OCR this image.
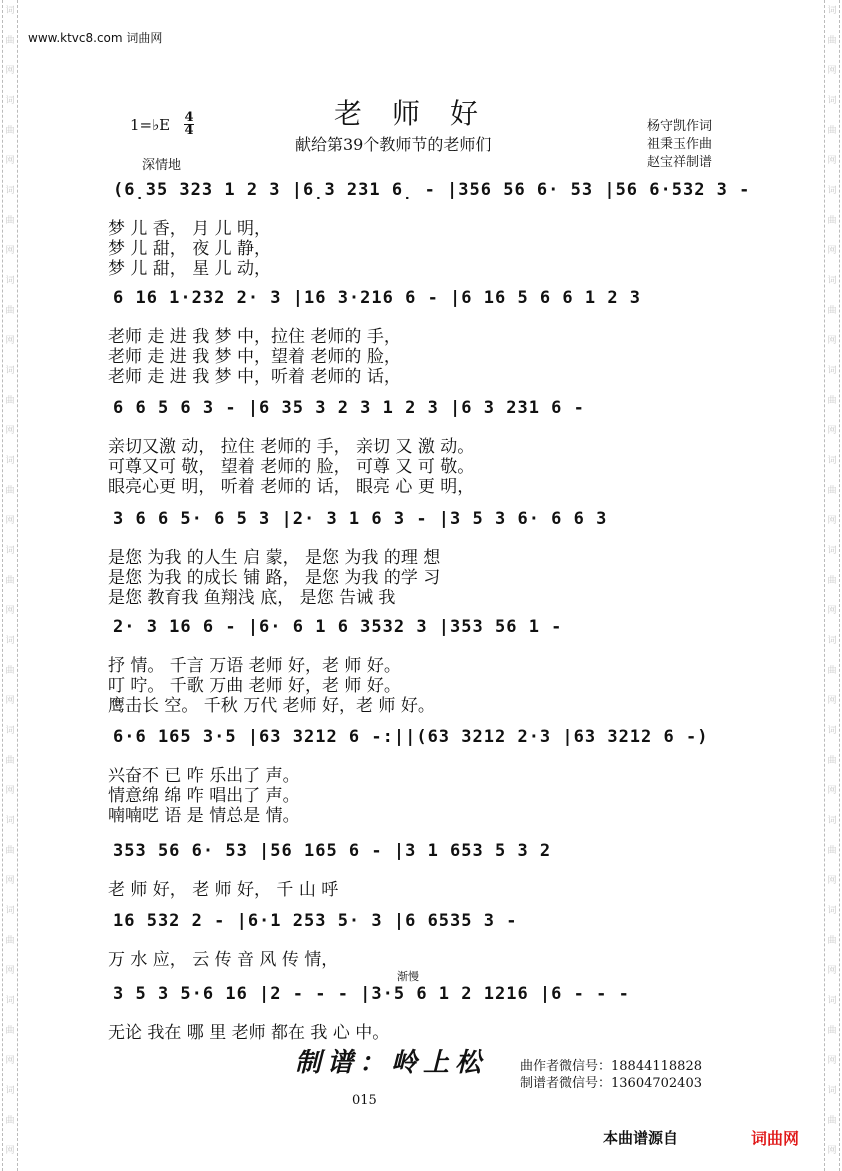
词
曲
网
词
曲
网
词
曲
网
词
曲
网
词
曲
网
词
曲
网
词
曲
网
词
曲
网
词
曲
网
词
曲
网
词
曲
网
词
曲
网
词
曲
网
词
曲
网
词
曲
网
词
曲
网
词
曲
网
词
曲
网
词
曲
网
词
曲
网
词
曲
网
词
曲
网
词
曲
网
词
曲
网
词
曲
网
词
曲
网
www.ktvc8.com 词曲网
老师好
献给第39个教师节的老师们
1=♭E 4
4
深情地
杨守凯作词
祖秉玉作曲
赵宝祥制谱
(6̣35 323 1 2 3 |6̣3 231 6̣ - |356 56 6· 53 |56 6·532 3 -
梦 儿 香， 月 儿 明，
梦 儿 甜， 夜 儿 静，
梦 儿 甜， 星 儿 动，
6 16 1·232 2· 3 |16 3·216 6 - |6 16 5 6 6 1 2 3
老师 走 进 我 梦 中，拉住 老师的 手，
老师 走 进 我 梦 中，望着 老师的 脸，
老师 走 进 我 梦 中，听着 老师的 话，
6 6 5 6 3 - |6 35 3 2 3 1 2 3 |6 3 231 6 -
亲切又激 动， 拉住 老师的 手， 亲切 又 激 动。
可尊又可 敬， 望着 老师的 脸， 可尊 又 可 敬。
眼亮心更 明， 听着 老师的 话， 眼亮 心 更 明，
3 6 6 5· 6 5 3 |2· 3 1 6 3 - |3 5 3 6· 6 6 3
是您 为我 的人生 启 蒙， 是您 为我 的理 想
是您 为我 的成长 铺 路， 是您 为我 的学 习
是您 教育我 鱼翔浅 底， 是您 告诫 我
2· 3 16 6 - |6· 6 1 6 3532 3 |353 56 1 -
抒 情。 千言 万语 老师 好，老 师 好。
叮 咛。 千歌 万曲 老师 好，老 师 好。
鹰击长 空。 千秋 万代 老师 好，老 师 好。
6·6 165 3·5 |63 3212 6 -:||(63 3212 2·3 |63 3212 6 -)
兴奋不 已 咋 乐出了 声。
情意绵 绵 咋 唱出了 声。
喃喃呓 语 是 情总是 情。
353 56 6· 53 |56 165 6 - |3 1 653 5 3 2
老 师 好， 老 师 好， 千 山 呼
16 532 2 - |6·1 253 5· 3 |6 6535 3 -
万 水 应， 云 传 音 风 传 情，
3 5 3 5·6 16 |2 - - - |3·5 6 1 2 1216 |6 - - -
无论 我在 哪 里 老师 都在 我 心 中。
渐慢
制谱：岭上松	曲作者微信号：18844118828
制谱者微信号：13604702403
015
本曲谱源自	词曲网
